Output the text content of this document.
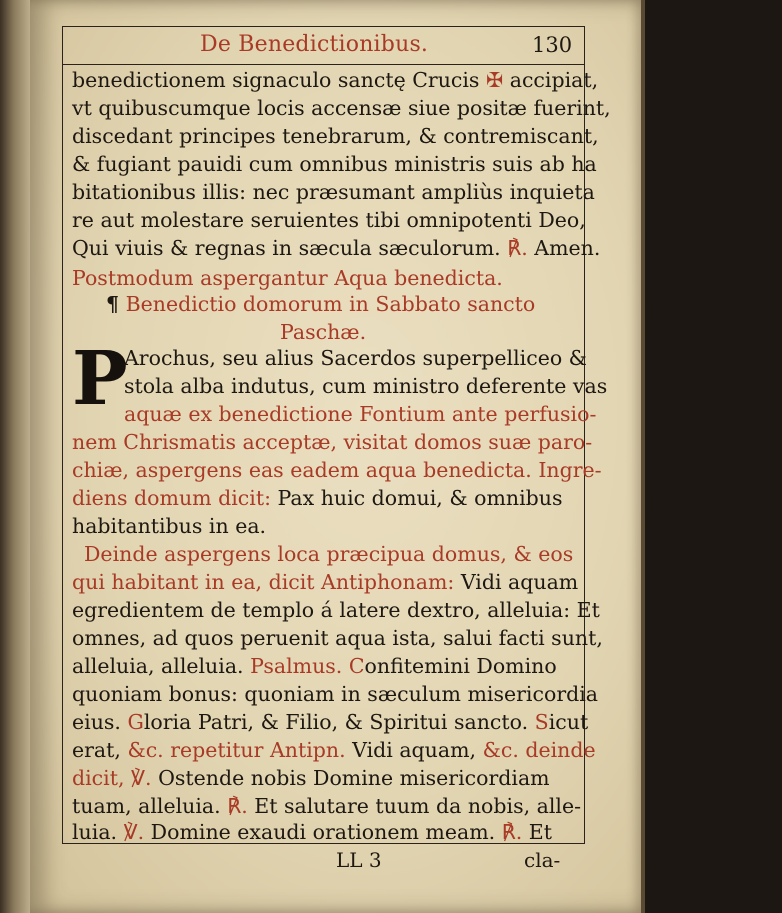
De Benedictionibus.	130
benedictionem signaculo sanctę Crucis ✠ accipiat,
vt quibuscumque locis accensæ siue positæ fuerint,
discedant principes tenebrarum, & contremiscant,
& fugiant pauidi cum omnibus ministris suis ab ha
bitationibus illis: nec præsumant ampliùs inquieta
re aut molestare seruientes tibi omnipotenti Deo,
Qui viuis & regnas in sæcula sæculorum. ℟. Amen.
Postmodum aspergantur Aqua benedicta.
¶ Benedictio domorum in Sabbato sancto
Paschæ.
P
Arochus, seu alius Sacerdos superpelliceo &
stola alba indutus, cum ministro deferente vas
aquæ ex benedictione Fontium ante perfusio-
nem Chrismatis acceptæ, visitat domos suæ paro-
chiæ, aspergens eas eadem aqua benedicta. Ingre-
diens domum dicit: Pax huic domui, & omnibus
habitantibus in ea.
Deinde aspergens loca præcipua domus, & eos
qui habitant in ea, dicit Antiphonam: Vidi aquam
egredientem de templo á latere dextro, alleluia: Et
omnes, ad quos peruenit aqua ista, salui facti sunt,
alleluia, alleluia. Psalmus. Confitemini Domino
quoniam bonus: quoniam in sæculum misericordia
eius. Gloria Patri, & Filio, & Spiritui sancto. Sicut
erat, &c. repetitur Antipn. Vidi aquam, &c. deinde
dicit, ℣. Ostende nobis Domine misericordiam
tuam, alleluia. ℟. Et salutare tuum da nobis, alle-
luia. ℣. Domine exaudi orationem meam. ℟. Et
LL 3	cla-
